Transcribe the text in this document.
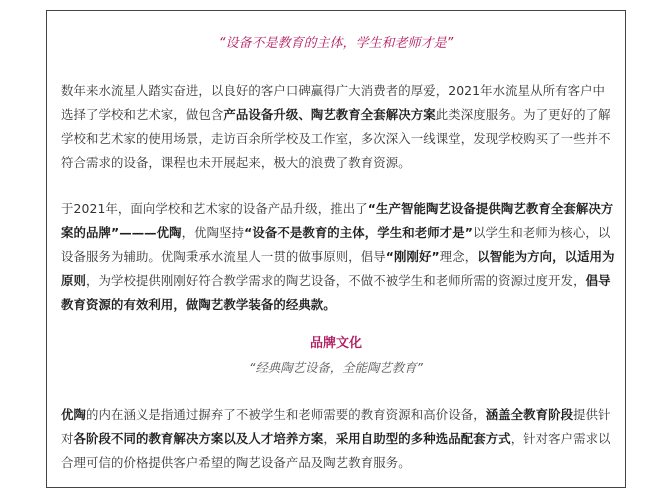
“设备不是教育的主体，学生和老师才是”

数年来水流星人踏实奋进，以良好的客户口碑赢得广大消费者的厚爱，2021年水流星从所有客户中选择了学校和艺术家，做包含产品设备升级、陶艺教育全套解决方案此类深度服务。为了更好的了解学校和艺术家的使用场景，走访百余所学校及工作室，多次深入一线课堂，发现学校购买了一些并不符合需求的设备，课程也未开展起来，极大的浪费了教育资源。

于2021年，面向学校和艺术家的设备产品升级，推出了“生产智能陶艺设备提供陶艺教育全套解决方案的品牌”———优陶，优陶坚持“设备不是教育的主体，学生和老师才是”以学生和老师为核心，以设备服务为辅助。优陶秉承水流星人一贯的做事原则，倡导“刚刚好”理念，以智能为方向，以适用为原则，为学校提供刚刚好符合教学需求的陶艺设备，不做不被学生和老师所需的资源过度开发，倡导教育资源的有效利用，做陶艺教学装备的经典款。

品牌文化

“经典陶艺设备，全能陶艺教育”

优陶的内在涵义是指通过摒弃了不被学生和老师需要的教育资源和高价设备，涵盖全教育阶段提供针对各阶段不同的教育解决方案以及人才培养方案，采用自助型的多种选品配套方式，针对客户需求以合理可信的价格提供客户希望的陶艺设备产品及陶艺教育服务。
